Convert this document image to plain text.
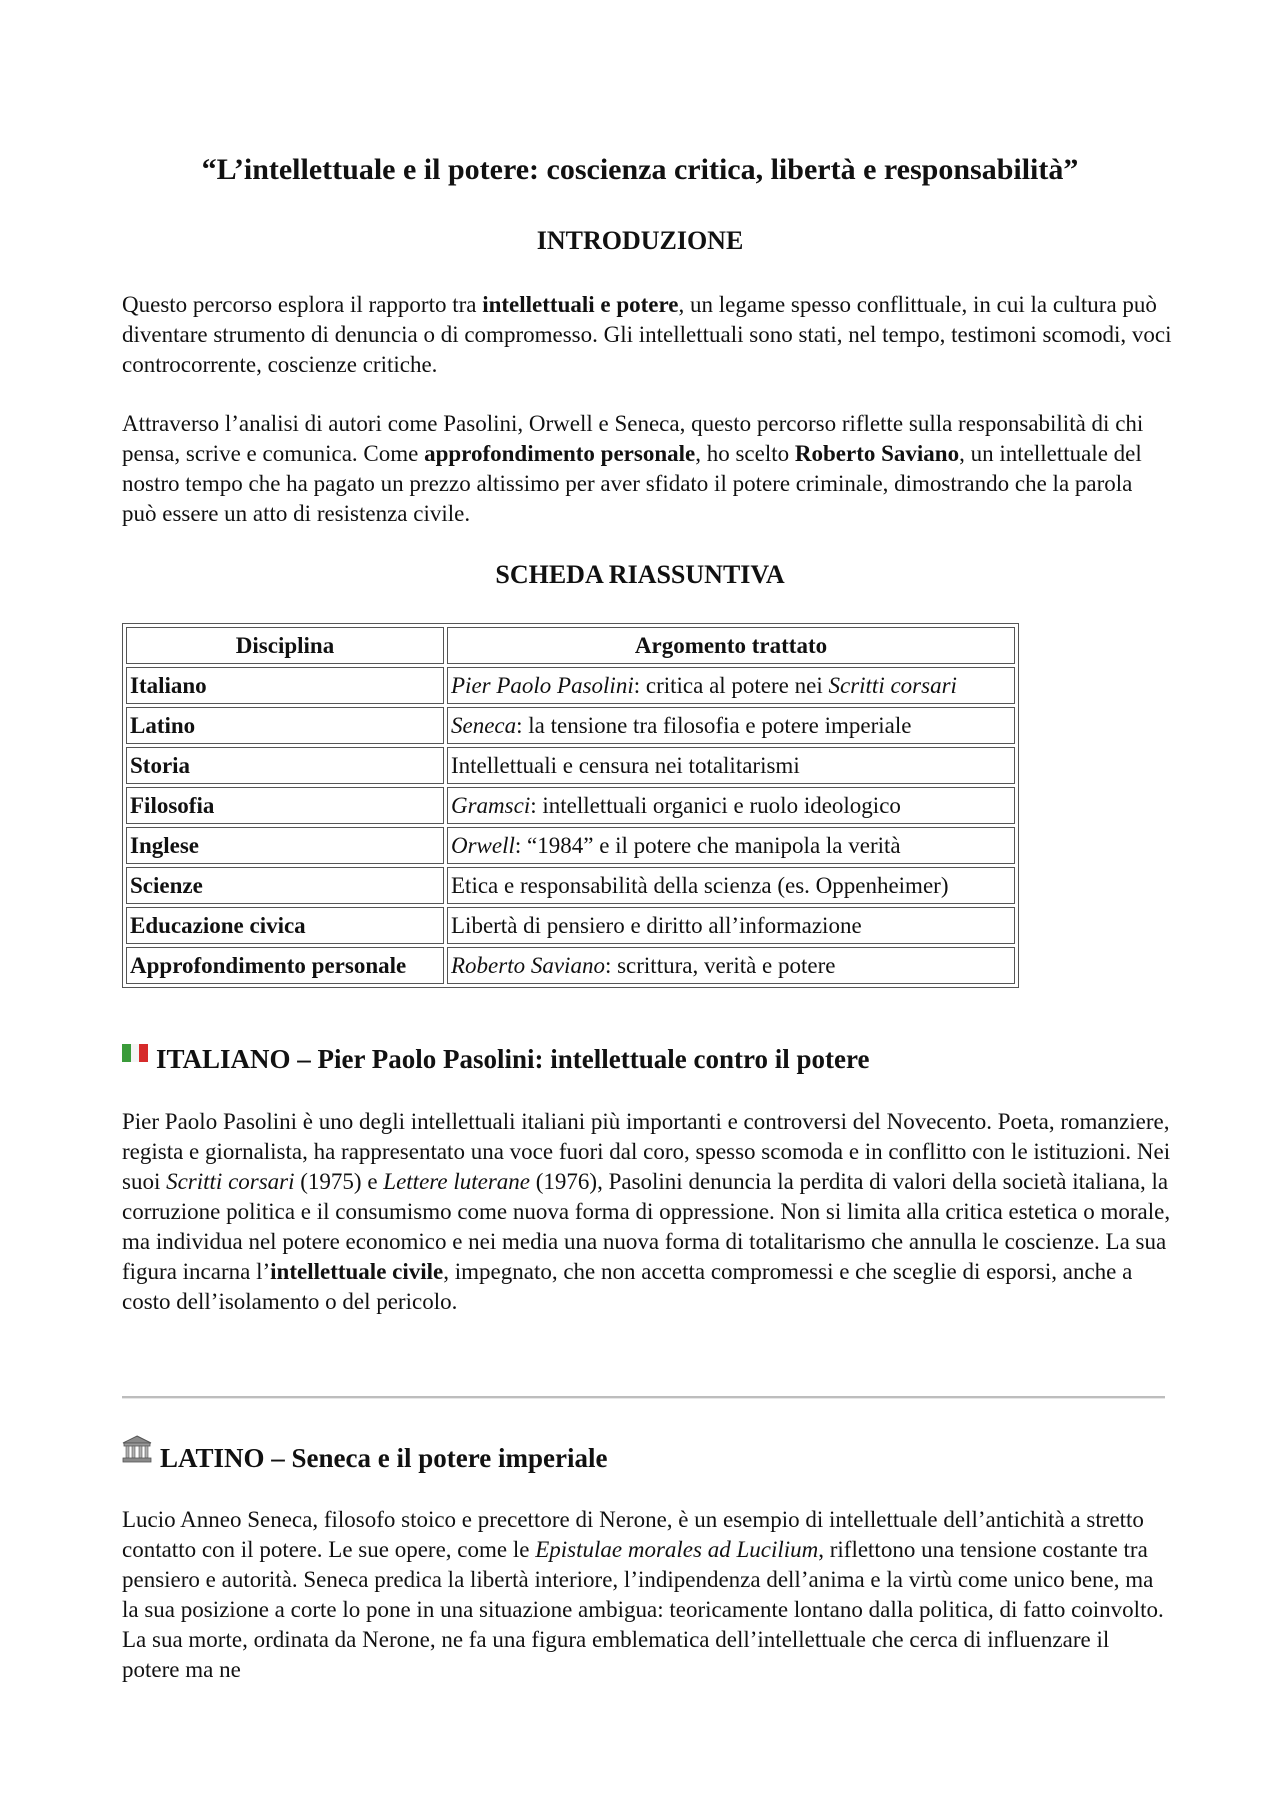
“L’intellettuale e il potere: coscienza critica, libertà e responsabilità”
INTRODUZIONE

Questo percorso esplora il rapporto tra intellettuali e potere, un legame spesso conflittuale, in cui la cultura può diventare strumento di denuncia o di compromesso. Gli intellettuali sono stati, nel tempo, testimoni scomodi, voci controcorrente, coscienze critiche.

Attraverso l’analisi di autori come Pasolini, Orwell e Seneca, questo percorso riflette sulla responsabilità di chi pensa, scrive e comunica. Come approfondimento personale, ho scelto Roberto Saviano, un intellettuale del nostro tempo che ha pagato un prezzo altissimo per aver sfidato il potere criminale, dimostrando che la parola può essere un atto di resistenza civile.

SCHEDA RIASSUNTIVA
Disciplina	Argomento trattato
Italiano	Pier Paolo Pasolini: critica al potere nei Scritti corsari
Latino	Seneca: la tensione tra filosofia e potere imperiale
Storia	Intellettuali e censura nei totalitarismi
Filosofia	Gramsci: intellettuali organici e ruolo ideologico
Inglese	Orwell: “1984” e il potere che manipola la verità
Scienze	Etica e responsabilità della scienza (es. Oppenheimer)
Educazione civica	Libertà di pensiero e diritto all’informazione
Approfondimento personale	Roberto Saviano: scrittura, verità e potere
ITALIANO – Pier Paolo Pasolini: intellettuale contro il potere

Pier Paolo Pasolini è uno degli intellettuali italiani più importanti e controversi del Novecento. Poeta, romanziere, regista e giornalista, ha rappresentato una voce fuori dal coro, spesso scomoda e in conflitto con le istituzioni. Nei suoi Scritti corsari (1975) e Lettere luterane (1976), Pasolini denuncia la perdita di valori della società italiana, la corruzione politica e il consumismo come nuova forma di oppressione. Non si limita alla critica estetica o morale, ma individua nel potere economico e nei media una nuova forma di totalitarismo che annulla le coscienze. La sua figura incarna l’intellettuale civile, impegnato, che non accetta compromessi e che sceglie di esporsi, anche a costo dell’isolamento o del pericolo.

LATINO – Seneca e il potere imperiale

Lucio Anneo Seneca, filosofo stoico e precettore di Nerone, è un esempio di intellettuale dell’antichità a stretto contatto con il potere. Le sue opere, come le Epistulae morales ad Lucilium, riflettono una tensione costante tra pensiero e autorità. Seneca predica la libertà interiore, l’indipendenza dell’anima e la virtù come unico bene, ma la sua posizione a corte lo pone in una situazione ambigua: teoricamente lontano dalla politica, di fatto coinvolto. La sua morte, ordinata da Nerone, ne fa una figura emblematica dell’intellettuale che cerca di influenzare il potere ma ne
